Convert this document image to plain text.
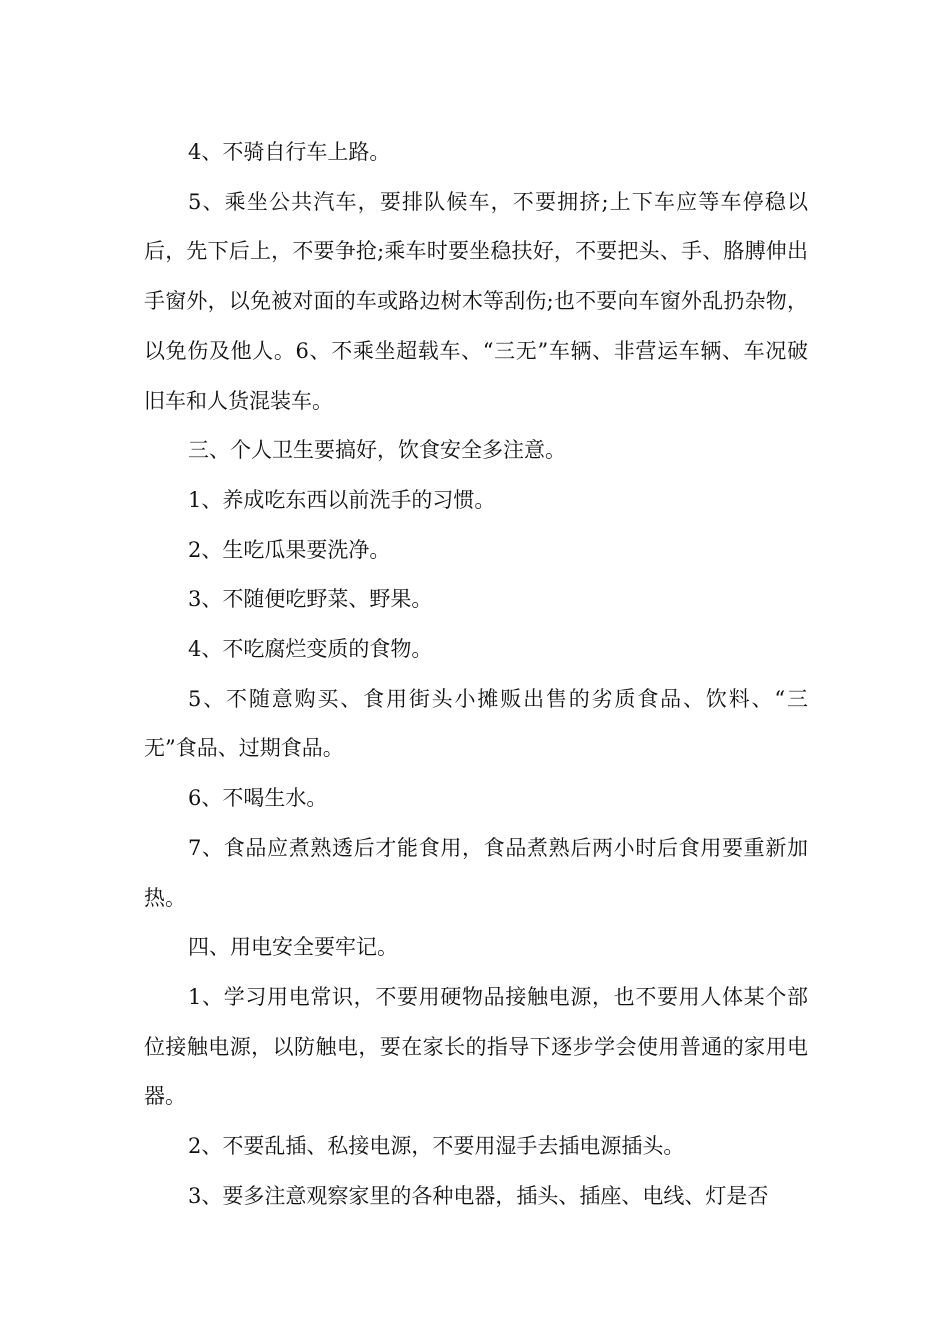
4、不骑自行车上路。

5、乘坐公共汽车，要排队候车，不要拥挤;上下车应等车停稳以后，先下后上，不要争抢;乘车时要坐稳扶好，不要把头、手、胳膊伸出手窗外，以免被对面的车或路边树木等刮伤;也不要向车窗外乱扔杂物，以免伤及他人。6、不乘坐超载车、“三无”车辆、非营运车辆、车况破旧车和人货混装车。

三、个人卫生要搞好，饮食安全多注意。

1、养成吃东西以前洗手的习惯。

2、生吃瓜果要洗净。

3、不随便吃野菜、野果。

4、不吃腐烂变质的食物。

5、不随意购买、食用街头小摊贩出售的劣质食品、饮料、“三无”食品、过期食品。

6、不喝生水。

7、食品应煮熟透后才能食用，食品煮熟后两小时后食用要重新加热。

四、用电安全要牢记。

1、学习用电常识，不要用硬物品接触电源，也不要用人体某个部位接触电源，以防触电，要在家长的指导下逐步学会使用普通的家用电器。

2、不要乱插、私接电源，不要用湿手去插电源插头。

3、要多注意观察家里的各种电器，插头、插座、电线、灯是否
